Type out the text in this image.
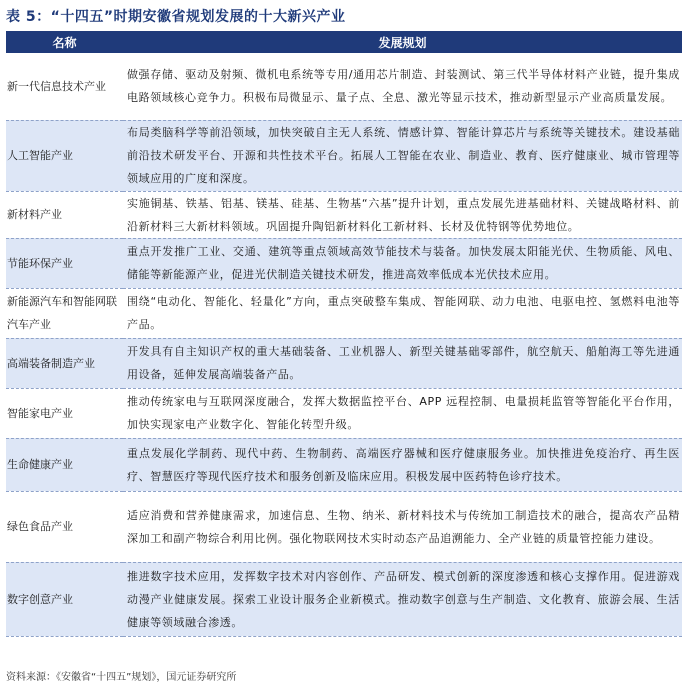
表 5：“十四五”时期安徽省规划发展的十大新兴产业
名称	发展规划
新一代信息技术产业	做强存储、驱动及射频、微机电系统等专用/通用芯片制造、封装测试、第三代半导体材料产业链，提升集成电路领域核心竞争力。积极布局微显示、量子点、全息、激光等显示技术，推动新型显示产业高质量发展。
人工智能产业	布局类脑科学等前沿领域，加快突破自主无人系统、情感计算、智能计算芯片与系统等关键技术。建设基础前沿技术研发平台、开源和共性技术平台。拓展人工智能在农业、制造业、教育、医疗健康业、城市管理等领域应用的广度和深度。
新材料产业	实施铜基、铁基、铝基、镁基、硅基、生物基“六基”提升计划，重点发展先进基础材料、关键战略材料、前沿新材料三大新材料领域。巩固提升陶铝新材料化工新材料、长材及优特钢等优势地位。
节能环保产业	重点开发推广工业、交通、建筑等重点领域高效节能技术与装备。加快发展太阳能光伏、生物质能、风电、储能等新能源产业，促进光伏制造关键技术研发，推进高效率低成本光伏技术应用。
新能源汽车和智能网联汽车产业	围绕“电动化、智能化、轻量化”方向，重点突破整车集成、智能网联、动力电池、电驱电控、氢燃料电池等产品。
高端装备制造产业	开发具有自主知识产权的重大基础装备、工业机器人、新型关键基础零部件，航空航天、船舶海工等先进通用设备，延伸发展高端装备产品。
智能家电产业	推动传统家电与互联网深度融合，发挥大数据监控平台、APP 远程控制、电量损耗监管等智能化平台作用，加快实现家电产业数字化、智能化转型升级。
生命健康产业	重点发展化学制药、现代中药、生物制药、高端医疗器械和医疗健康服务业。加快推进免疫治疗、再生医疗、智慧医疗等现代医疗技术和服务创新及临床应用。积极发展中医药特色诊疗技术。
绿色食品产业	适应消费和营养健康需求，加速信息、生物、纳米、新材料技术与传统加工制造技术的融合，提高农产品精深加工和副产物综合利用比例。强化物联网技术实时动态产品追溯能力、全产业链的质量管控能力建设。
数字创意产业	推进数字技术应用，发挥数字技术对内容创作、产品研发、模式创新的深度渗透和核心支撑作用。促进游戏动漫产业健康发展。探索工业设计服务企业新模式。推动数字创意与生产制造、文化教育、旅游会展、生活健康等领域融合渗透。
资料来源：《安徽省“十四五”规划》，国元证券研究所
